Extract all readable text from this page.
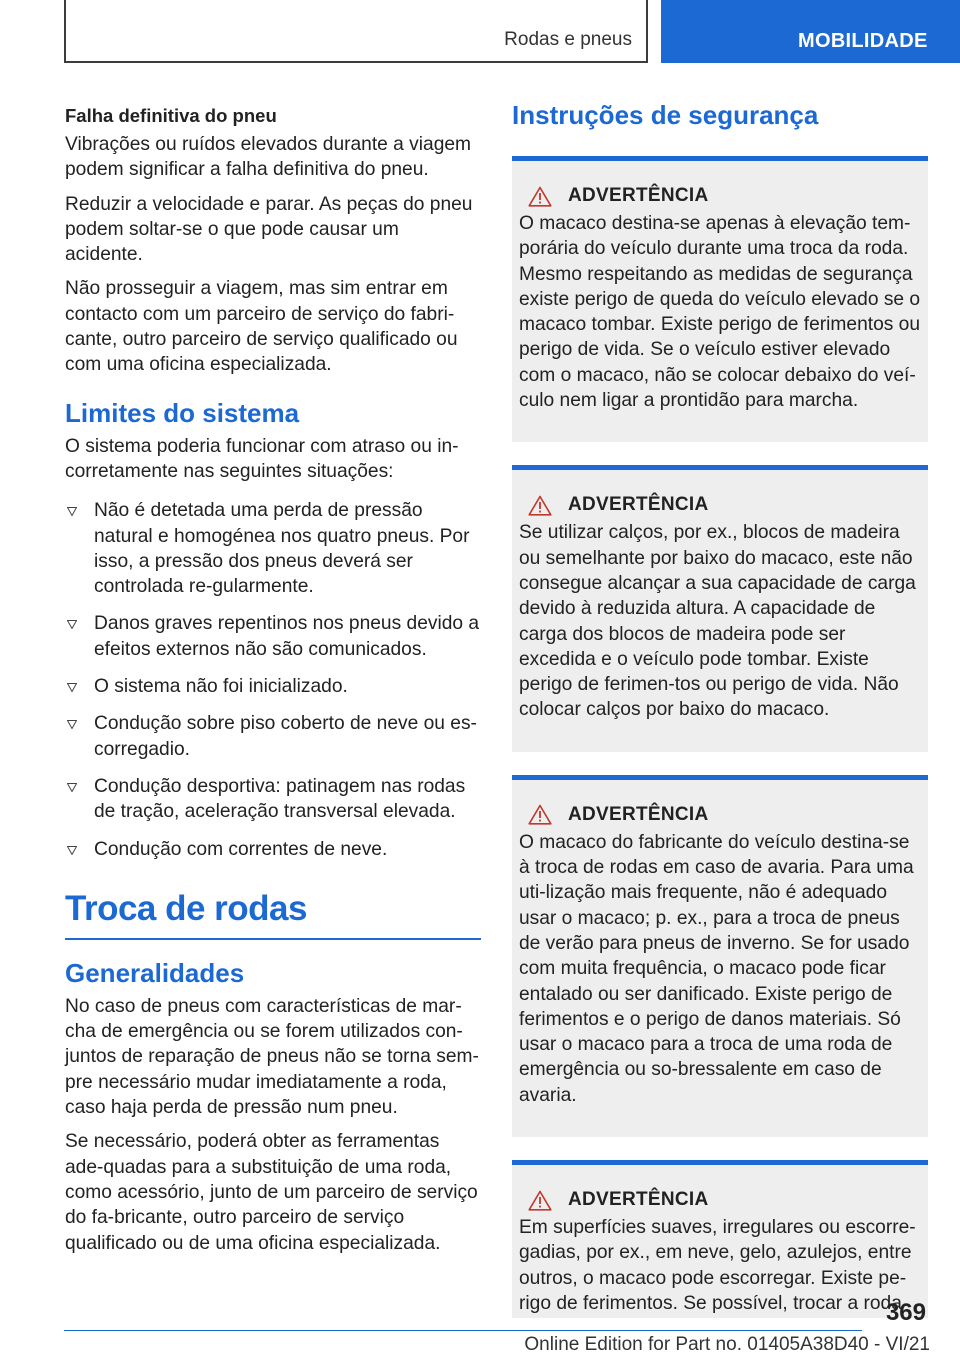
Rodas e pneus	MOBILIDADE
Falha definitiva do pneu

Vibrações ou ruídos elevados durante a viagem podem significar a falha definitiva do pneu.

Reduzir a velocidade e parar. As peças do pneu podem soltar-se o que pode causar um acidente.

Não prosseguir a viagem, mas sim entrar em contacto com um parceiro de serviço do fabri-cante, outro parceiro de serviço qualificado ou com uma oficina especializada.

Limites do sistema

O sistema poderia funcionar com atraso ou in-corretamente nas seguintes situações:

Não é detetada uma perda de pressão natural e homogénea nos quatro pneus. Por isso, a pressão dos pneus deverá ser controlada re-gularmente.
Danos graves repentinos nos pneus devido a efeitos externos não são comunicados.
O sistema não foi inicializado.
Condução sobre piso coberto de neve ou es-corregadio.
Condução desportiva: patinagem nas rodas de tração, aceleração transversal elevada.
Condução com correntes de neve.
Troca de rodas
Generalidades

No caso de pneus com características de mar-cha de emergência ou se forem utilizados con-juntos de reparação de pneus não se torna sem-pre necessário mudar imediatamente a roda, caso haja perda de pressão num pneu.

Se necessário, poderá obter as ferramentas ade-quadas para a substituição de uma roda, como acessório, junto de um parceiro de serviço do fa-bricante, outro parceiro de serviço qualificado ou de uma oficina especializada.

Instruções de segurança
ADVERTÊNCIA

O macaco destina-se apenas à elevação tem-porária do veículo durante uma troca da roda. Mesmo respeitando as medidas de segurança existe perigo de queda do veículo elevado se o macaco tombar. Existe perigo de ferimentos ou perigo de vida. Se o veículo estiver elevado com o macaco, não se colocar debaixo do veí-culo nem ligar a prontidão para marcha.

ADVERTÊNCIA

Se utilizar calços, por ex., blocos de madeira ou semelhante por baixo do macaco, este não consegue alcançar a sua capacidade de carga devido à reduzida altura. A capacidade de carga dos blocos de madeira pode ser excedida e o veículo pode tombar. Existe perigo de ferimen-tos ou perigo de vida. Não colocar calços por baixo do macaco.

ADVERTÊNCIA

O macaco do fabricante do veículo destina-se à troca de rodas em caso de avaria. Para uma uti-lização mais frequente, não é adequado usar o macaco; p. ex., para a troca de pneus de verão para pneus de inverno. Se for usado com muita frequência, o macaco pode ficar entalado ou ser danificado. Existe perigo de ferimentos e o perigo de danos materiais. Só usar o macaco para a troca de uma roda de emergência ou so-bressalente em caso de avaria.

ADVERTÊNCIA

Em superfícies suaves, irregulares ou escorre-gadias, por ex., em neve, gelo, azulejos, entre outros, o macaco pode escorregar. Existe pe-rigo de ferimentos. Se possível, trocar a roda

369
Online Edition for Part no. 01405A38D40 - VI/21
